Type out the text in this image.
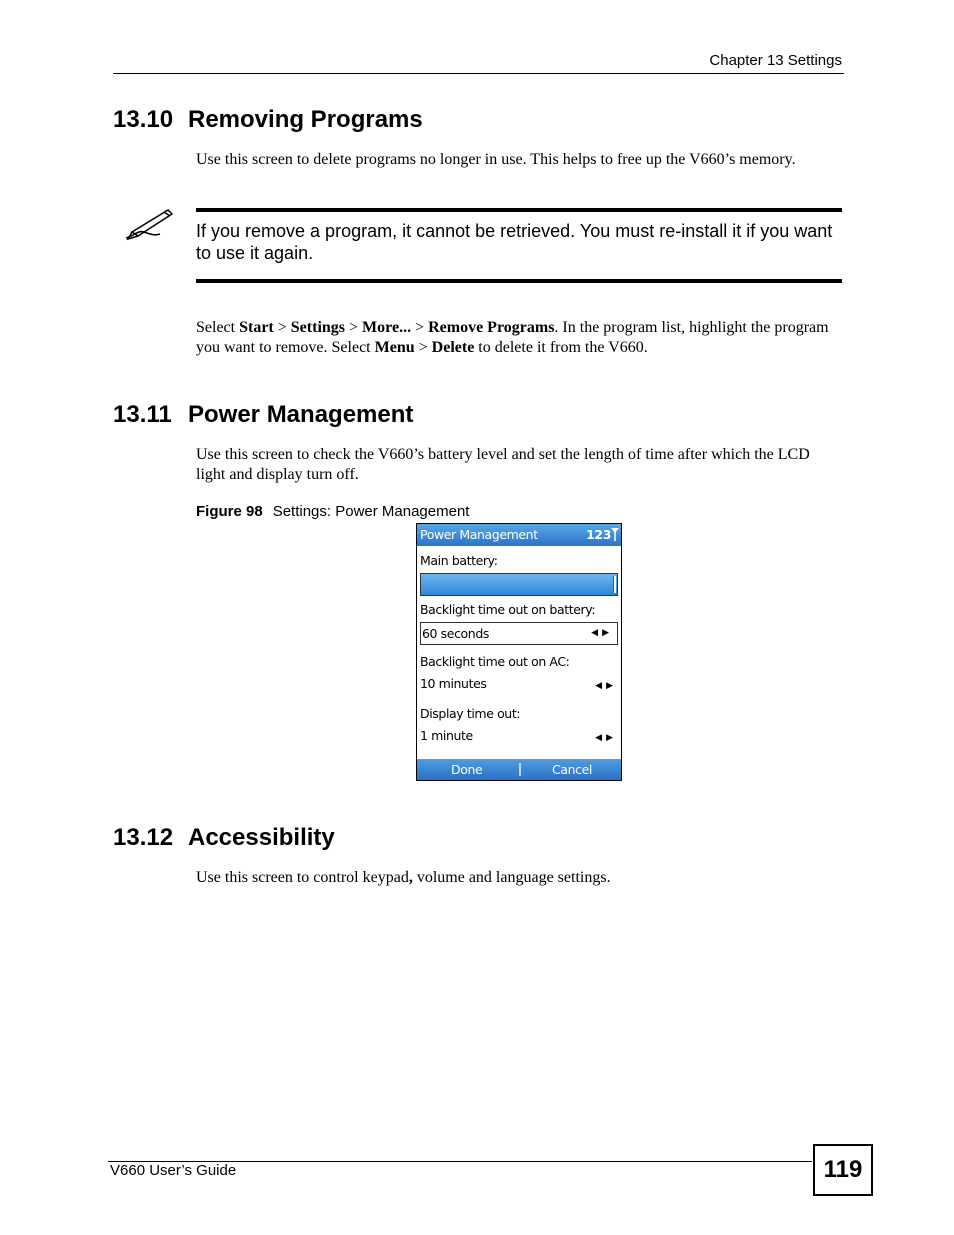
Chapter 13 Settings
13.10 Removing Programs

Use this screen to delete programs no longer in use. This helps to free up the V660’s memory.

If you remove a program, it cannot be retrieved. You must re-install it if you want to use it again.

Select Start > Settings > More... > Remove Programs. In the program list, highlight the program you want to remove. Select Menu > Delete to delete it from the V660.

13.11 Power Management

Use this screen to check the V660’s battery level and set the length of time after which the LCD light and display turn off.

Figure 98 Settings: Power Management
Power Management	123
Main battery:
Backlight time out on battery:
60 seconds	◀▶
Backlight time out on AC:
10 minutes	◀▶
Display time out:
1 minute	◀▶
Done	Cancel
13.12 Accessibility

Use this screen to control keypad, volume and language settings.

V660 User’s Guide	119
